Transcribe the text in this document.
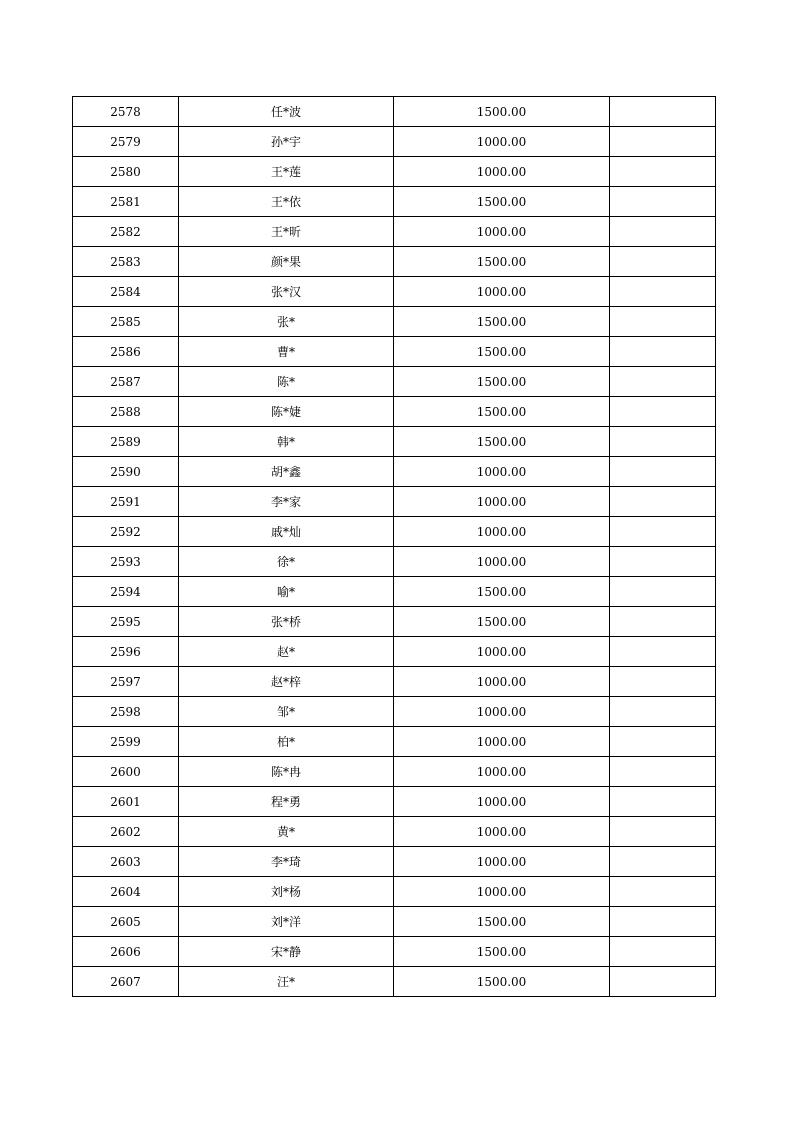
2578	任*波	1500.00	
2579	孙*宇	1000.00	
2580	王*莲	1000.00	
2581	王*依	1500.00	
2582	王*昕	1000.00	
2583	颜*果	1500.00	
2584	张*汉	1000.00	
2585	张*	1500.00	
2586	曹*	1500.00	
2587	陈*	1500.00	
2588	陈*婕	1500.00	
2589	韩*	1500.00	
2590	胡*鑫	1000.00	
2591	李*家	1000.00	
2592	戚*灿	1000.00	
2593	徐*	1000.00	
2594	喻*	1500.00	
2595	张*桥	1500.00	
2596	赵*	1000.00	
2597	赵*梓	1000.00	
2598	邹*	1000.00	
2599	柏*	1000.00	
2600	陈*冉	1000.00	
2601	程*勇	1000.00	
2602	黄*	1000.00	
2603	李*琦	1000.00	
2604	刘*杨	1000.00	
2605	刘*洋	1500.00	
2606	宋*静	1500.00	
2607	汪*	1500.00	
